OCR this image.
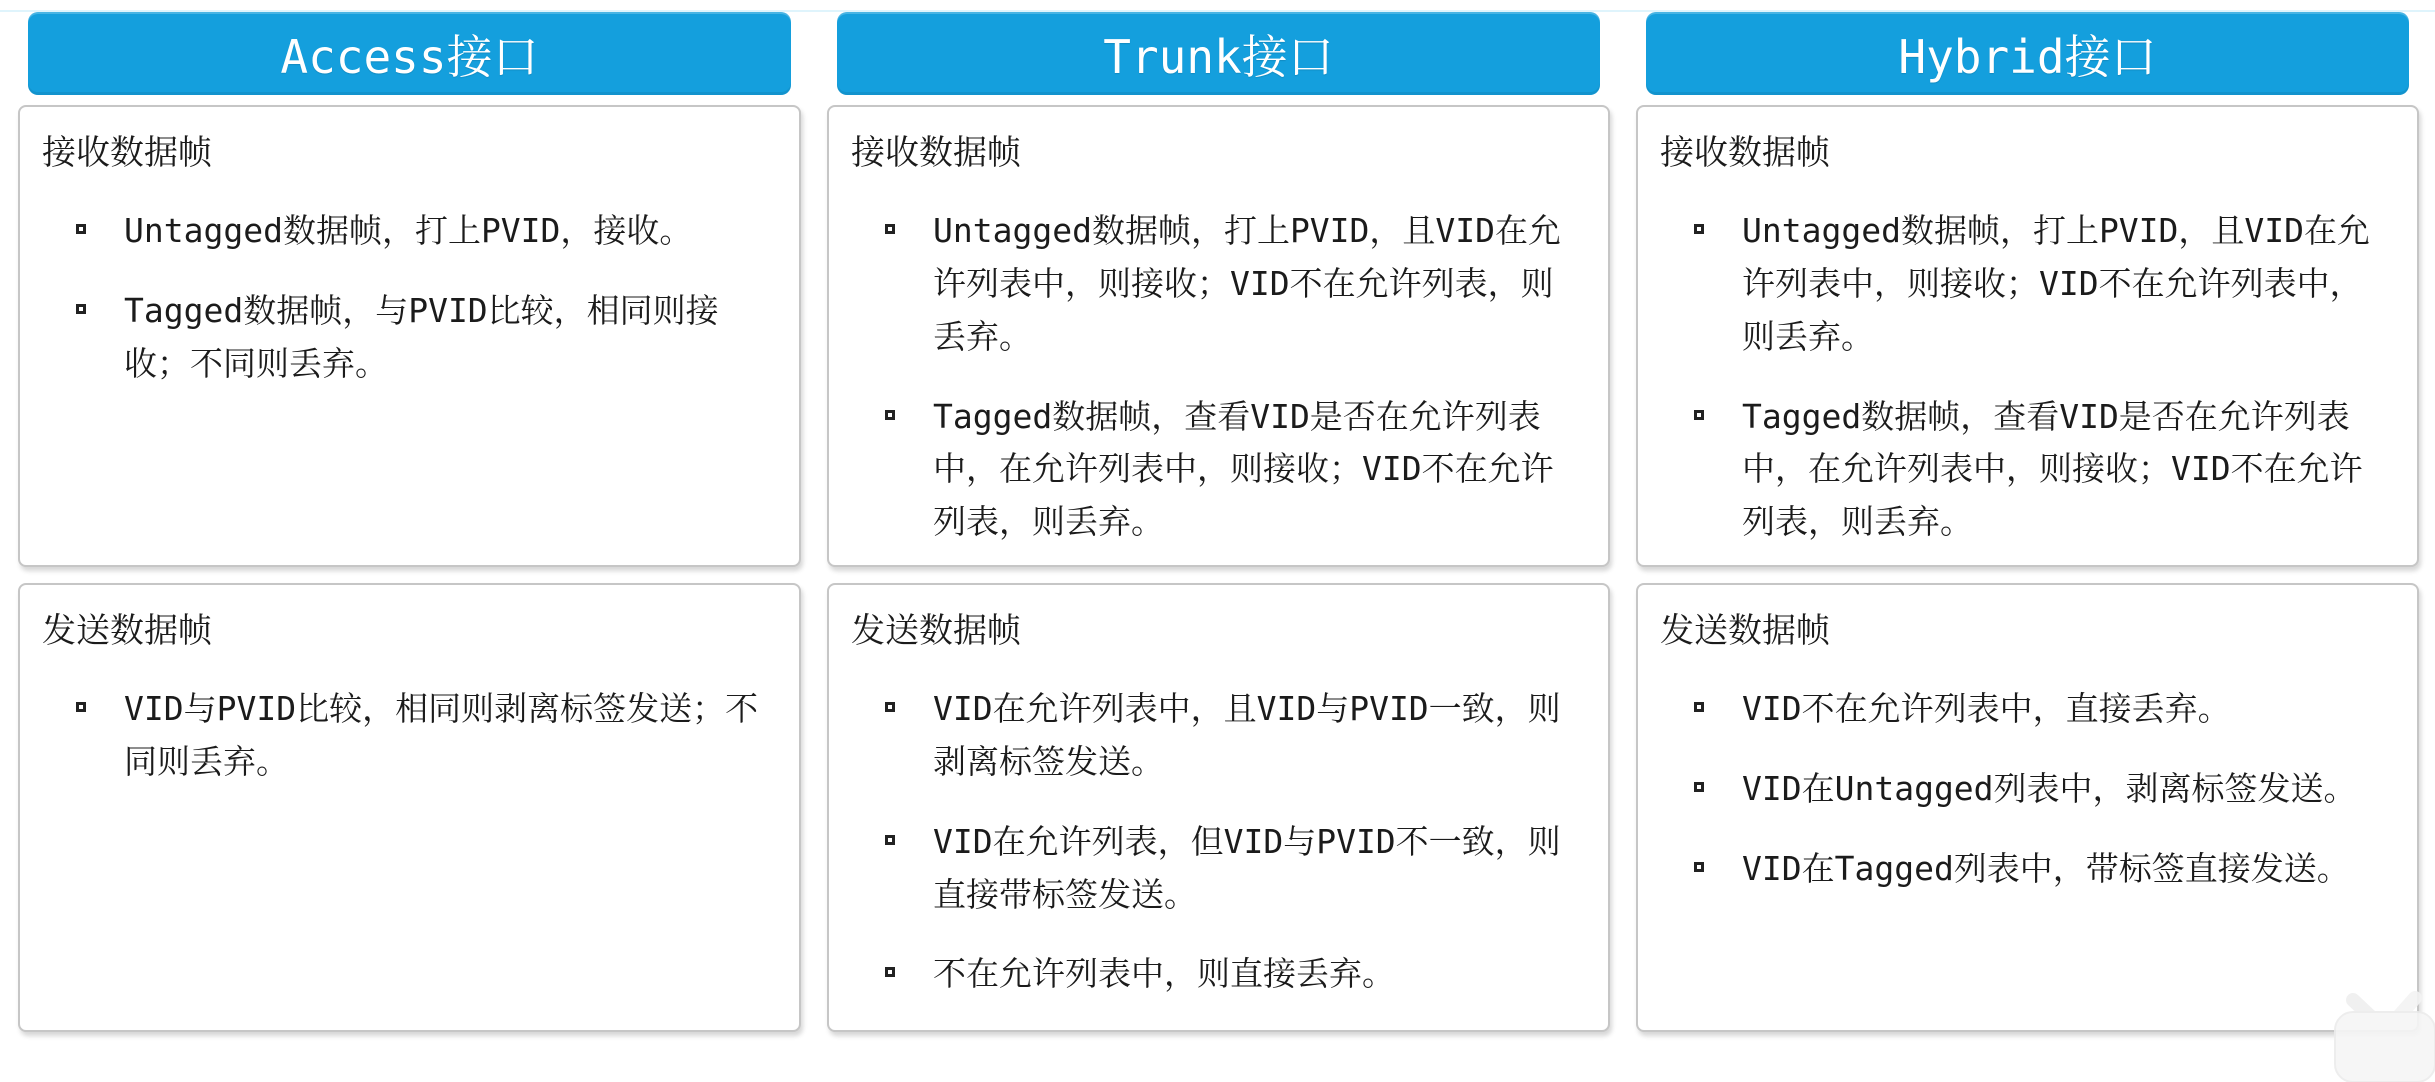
Access接口
接收数据帧
Untagged数据帧，打上PVID，接收。
Tagged数据帧，与PVID比较，相同则接收；不同则丢弃。
发送数据帧
VID与PVID比较，相同则剥离标签发送；不同则丢弃。
Trunk接口
接收数据帧
Untagged数据帧，打上PVID，且VID在允许列表中，则接收；VID不在允许列表，则丢弃。
Tagged数据帧，查看VID是否在允许列表中，在允许列表中，则接收；VID不在允许列表，则丢弃。
发送数据帧
VID在允许列表中，且VID与PVID一致，则剥离标签发送。
VID在允许列表，但VID与PVID不一致，则直接带标签发送。
不在允许列表中，则直接丢弃。
Hybrid接口
接收数据帧
Untagged数据帧，打上PVID，且VID在允许列表中，则接收；VID不在允许列表中，则丢弃。
Tagged数据帧，查看VID是否在允许列表中，在允许列表中，则接收；VID不在允许列表，则丢弃。
发送数据帧
VID不在允许列表中，直接丢弃。
VID在Untagged列表中，剥离标签发送。
VID在Tagged列表中，带标签直接发送。
